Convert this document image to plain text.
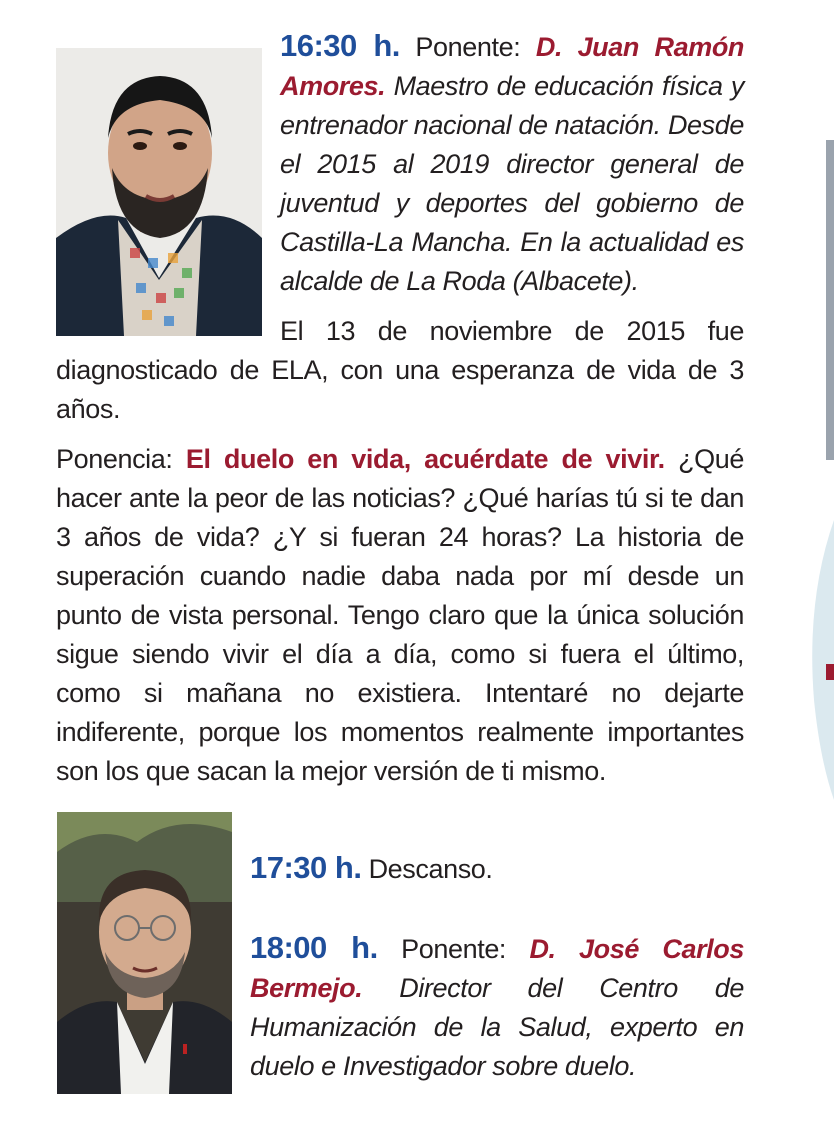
16:30 h. Ponente: D. Juan Ramón Amores. Maestro de educación física y entrenador nacional de natación. Desde el 2015 al 2019 director general de juventud y deportes del gobierno de Castilla-La Mancha. En la actualidad es alcalde de La Roda (Albacete).
El 13 de noviembre de 2015 fue diagnosticado de ELA, con una esperanza de vida de 3 años.
Ponencia: El duelo en vida, acuérdate de vivir. ¿Qué hacer ante la peor de las noticias? ¿Qué harías tú si te dan 3 años de vida? ¿Y si fueran 24 horas? La historia de superación cuando nadie daba nada por mí desde un punto de vista personal. Tengo claro que la única solución sigue siendo vivir el día a día, como si fuera el último, como si mañana no existiera. Intentaré no dejarte indiferente, porque los momentos realmente importantes son los que sacan la mejor versión de ti mismo.
17:30 h. Descanso.
18:00 h. Ponente: D. José Carlos Bermejo. Director del Centro de Humanización de la Salud, experto en duelo e Investigador sobre duelo.
